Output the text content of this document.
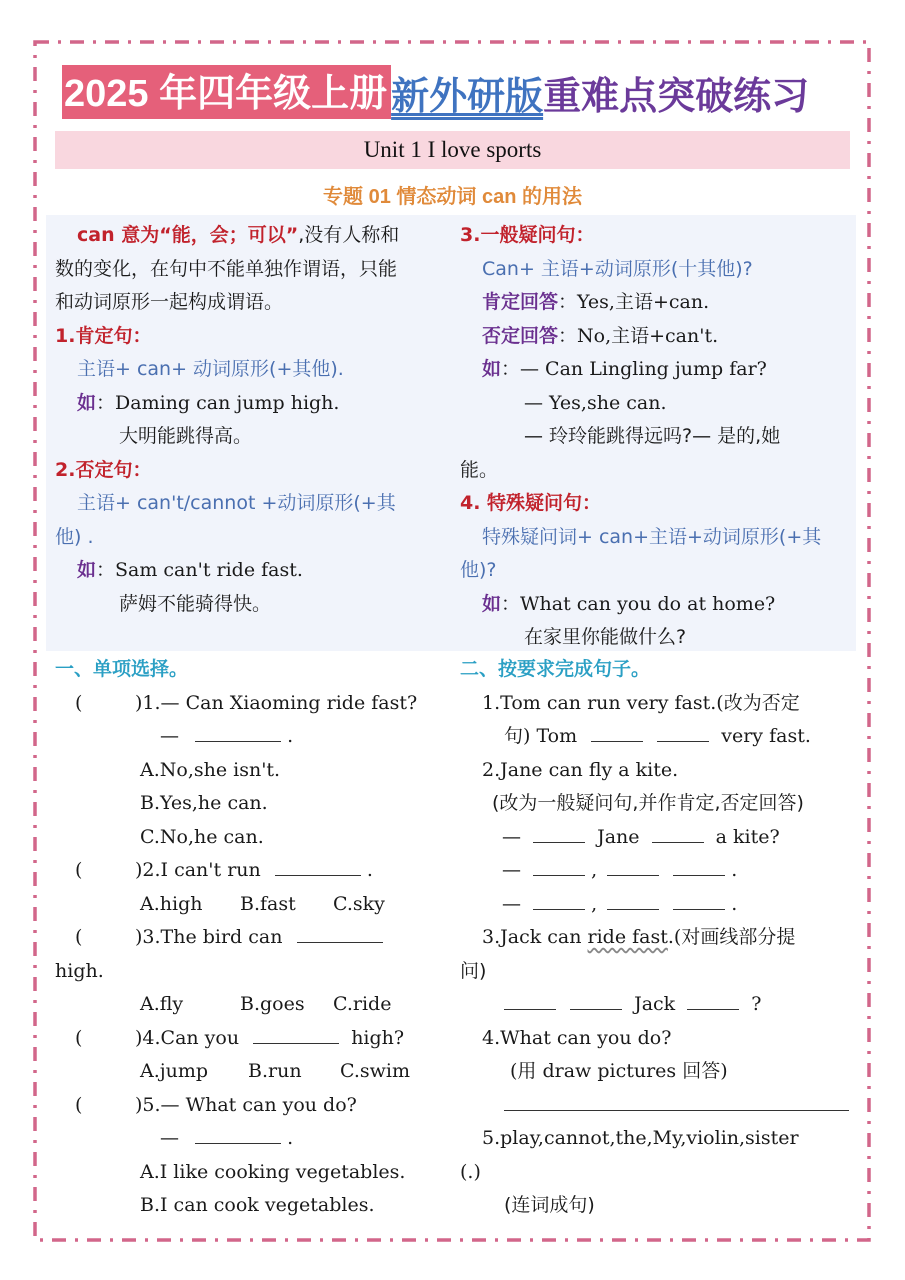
2025 年四年级上册 新外研版 重难点突破练习
Unit 1 I love sports
专题 01 情态动词 can 的用法
can 意为“能，会；可以”,没有人称和
数的变化，在句中不能单独作谓语，只能
和动词原形一起构成谓语。
1.肯定句：
主语+ can+ 动词原形(+其他).
如：Daming can jump high.
大明能跳得高。
2.否定句：
主语+ can't/cannot +动词原形(+其
他) .
如：Sam can't ride fast.
萨姆不能骑得快。
3.一般疑问句：
Can+ 主语+动词原形(十其他)?
肯定回答：Yes,主语+can.
否定回答：No,主语+can't.
如：— Can Lingling jump far?
— Yes,she can.
— 玲玲能跳得远吗?— 是的,她
能。
4. 特殊疑问句：
特殊疑问词+ can+主语+动词原形(+其
他)?
如：What can you do at home?
在家里你能做什么?
一、单项选择。
(	)1.— Can Xiaoming ride fast?
—	.
A.No,she isn't.
B.Yes,he can.
C.No,he can.
(	)2.I can't run	.
A.high B.fast C.sky
(	)3.The bird can
high.
A.fly	B.goes C.ride
(	)4.Can you	high?
A.jump B.run C.swim
(	)5.— What can you do?
—	.
A.I like cooking vegetables.
B.I can cook vegetables.
二、按要求完成句子。
1.Tom can run very fast.(改为否定
句) Tom	very fast.
2.Jane can fly a kite.
(改为一般疑问句,并作肯定,否定回答)
—	Jane	a kite?
—	,	.
—	,	.
3.Jack can ride fast.(对画线部分提
问)
Jack	?
4.What can you do?
(用 draw pictures 回答)
5.play,cannot,the,My,violin,sister
(.)
(连词成句)
